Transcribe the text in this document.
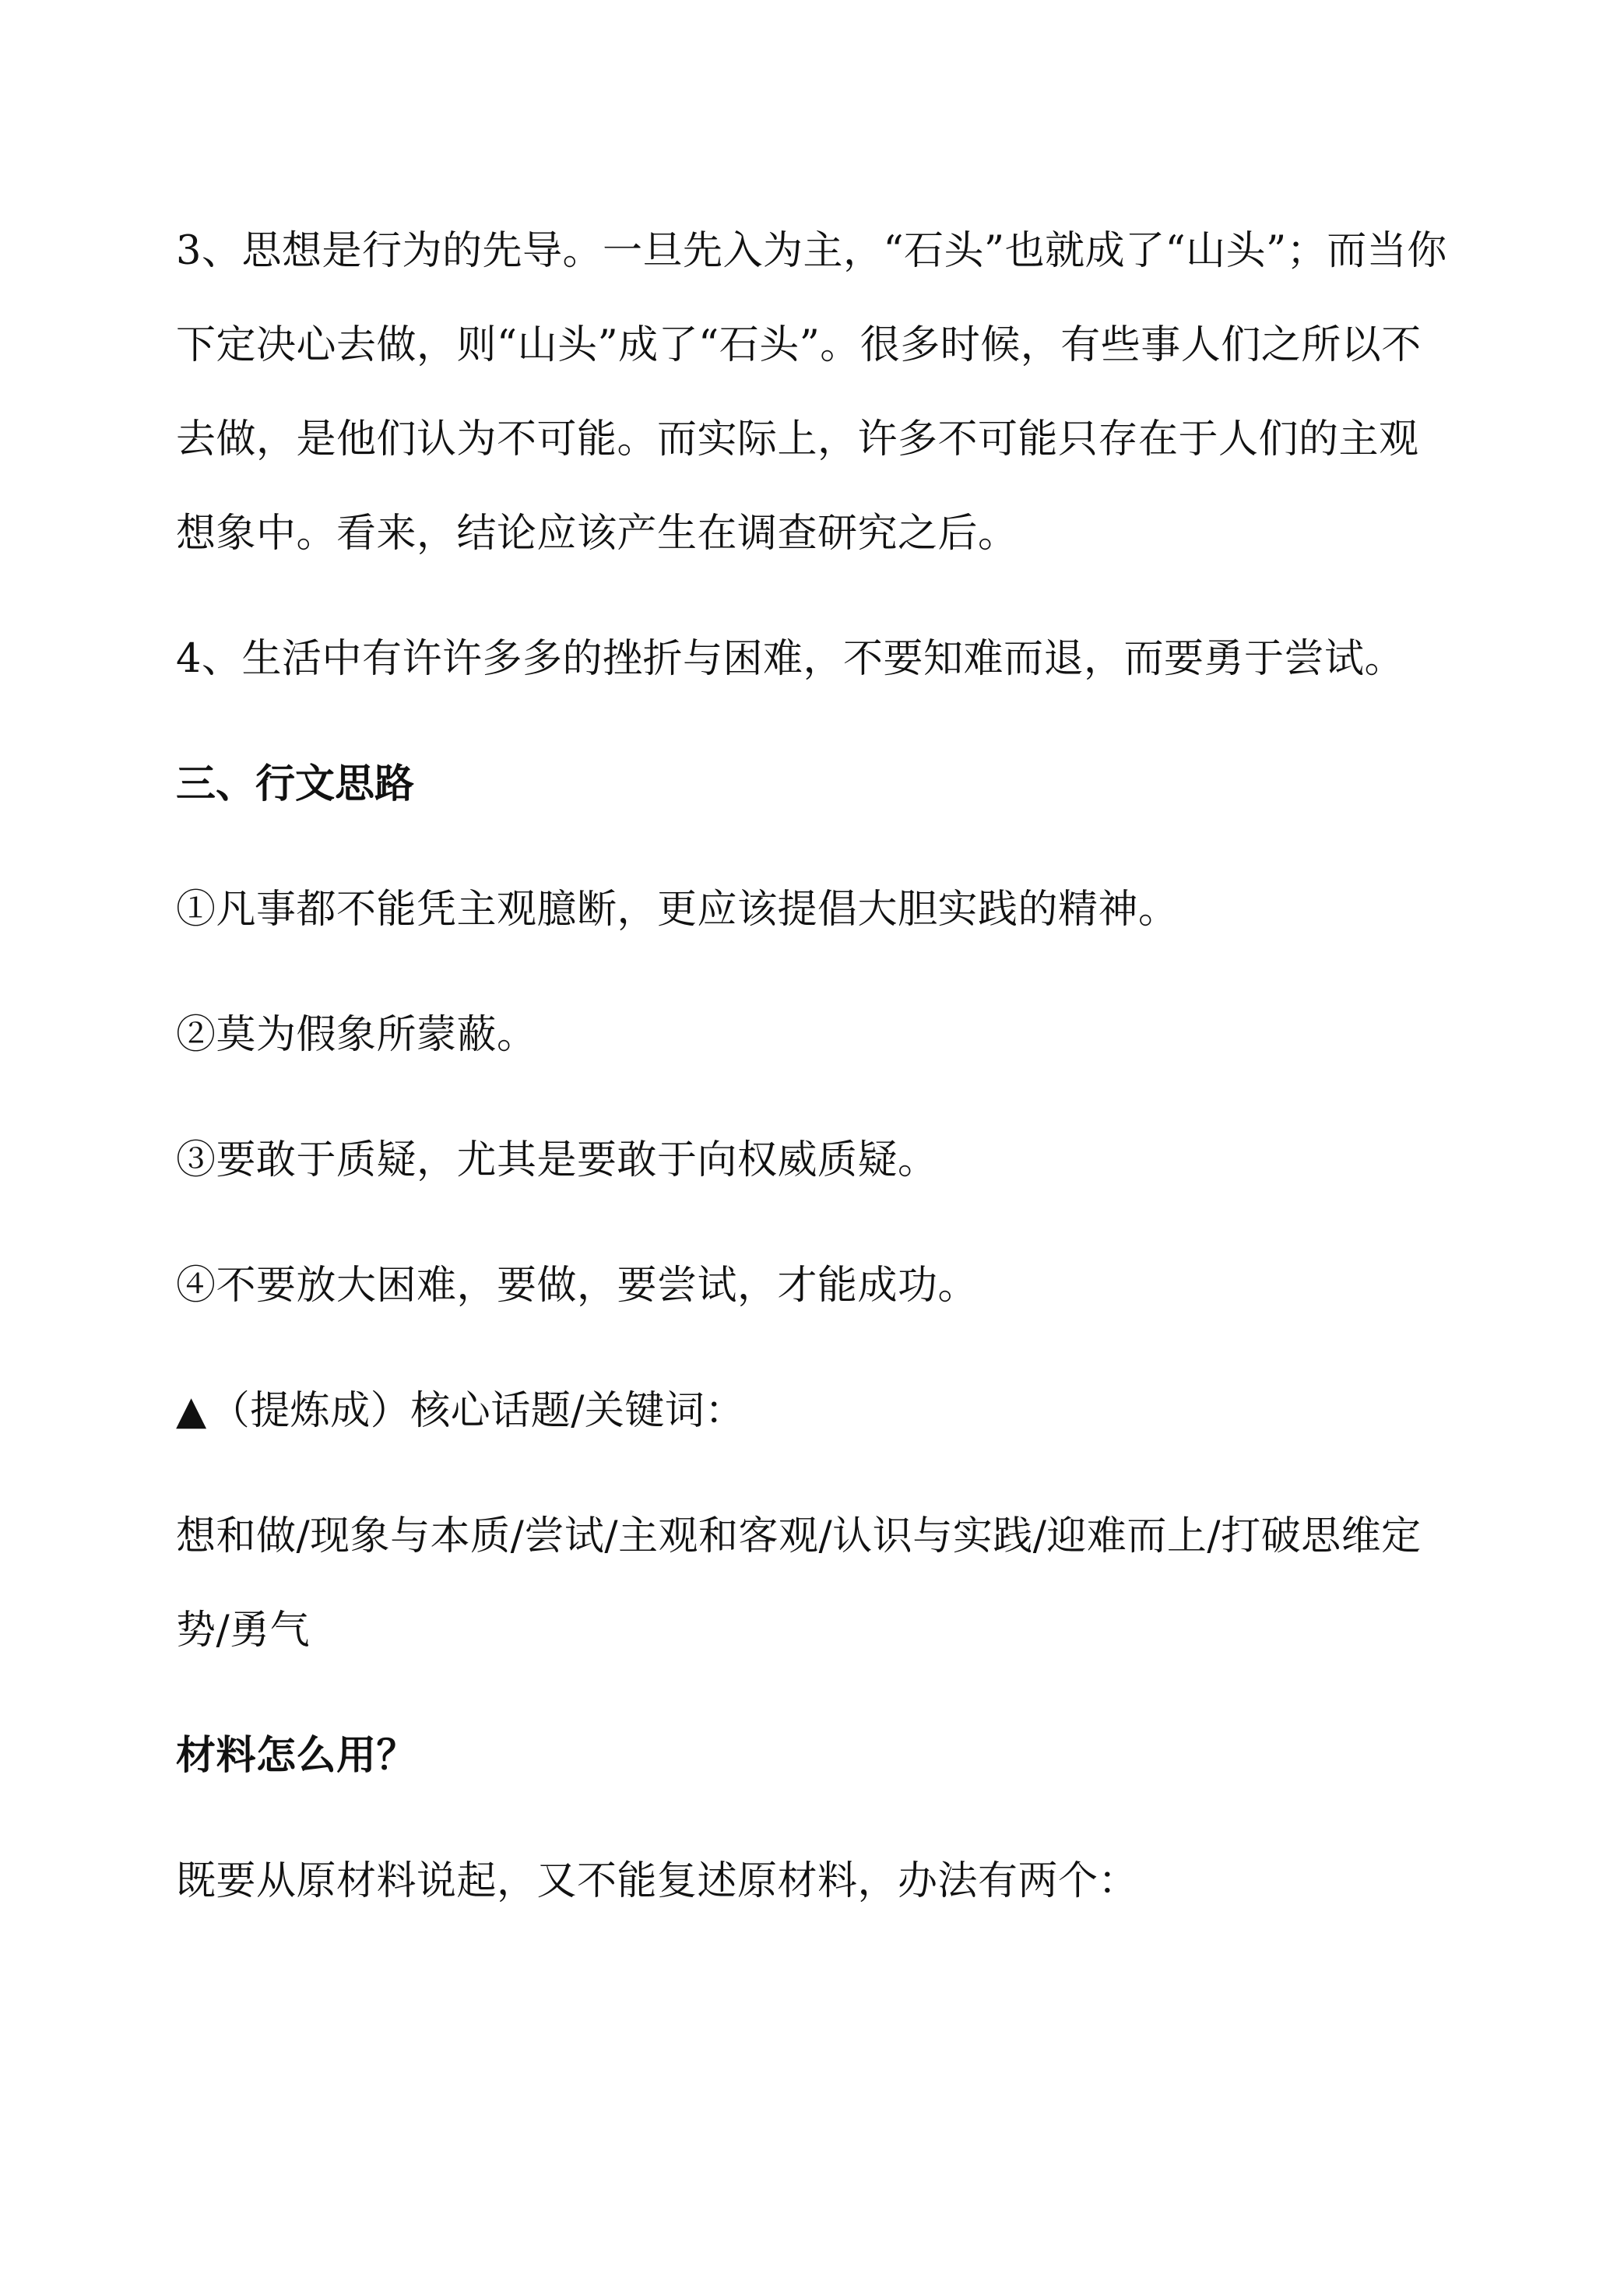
3、思想是行为的先导。一旦先入为主，“石头”也就成了“山头”；而当你下定决心去做，则“山头”成了“石头”。很多时候，有些事人们之所以不去做，是他们认为不可能。而实际上，许多不可能只存在于人们的主观想象中。看来，结论应该产生在调查研究之后。

4、生活中有许许多多的挫折与困难，不要知难而退，而要勇于尝试。

三、行文思路

①凡事都不能凭主观臆断，更应该提倡大胆实践的精神。

②莫为假象所蒙蔽。

③要敢于质疑，尤其是要敢于向权威质疑。

④不要放大困难，要做，要尝试，才能成功。

▲（提炼成）核心话题/关键词：

想和做/现象与本质/尝试/主观和客观/认识与实践/迎难而上/打破思维定势/勇气

材料怎么用？

既要从原材料说起，又不能复述原材料，办法有两个：
